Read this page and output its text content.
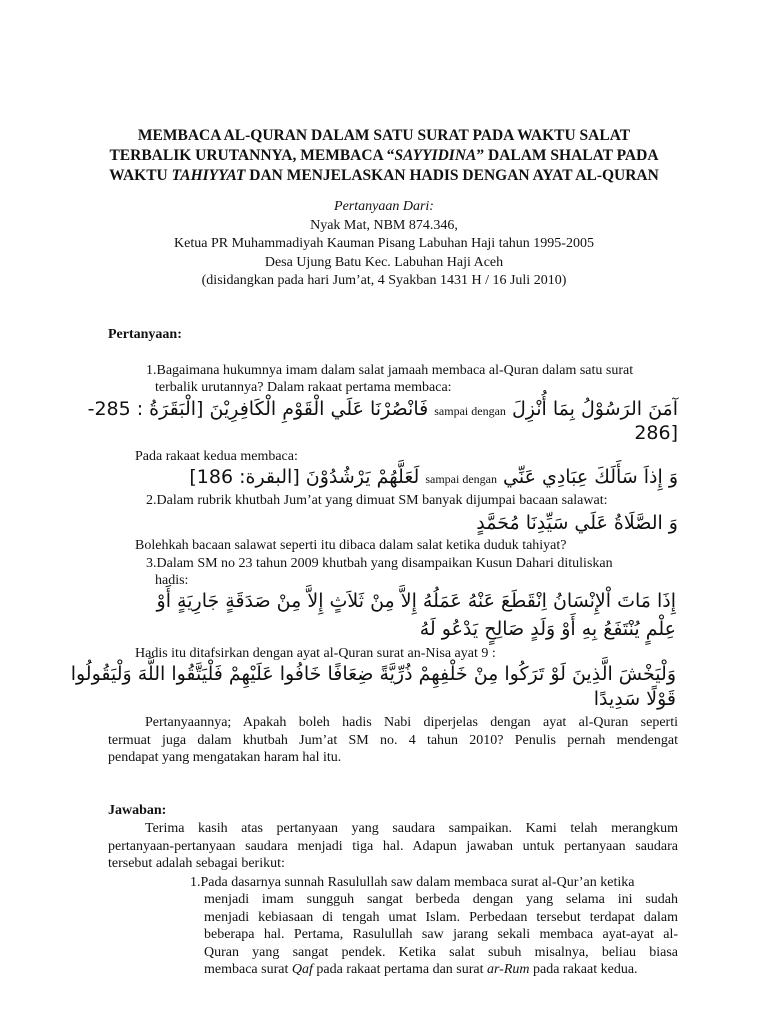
MEMBACA AL-QURAN DALAM SATU SURAT PADA WAKTU SALAT
TERBALIK URUTANNYA, MEMBACA “SAYYIDINA” DALAM SHALAT PADA
WAKTU TAHIYYAT DAN MENJELASKAN HADIS DENGAN AYAT AL-QURAN
Pertanyaan Dari:
Nyak Mat, NBM 874.346,
Ketua PR Muhammadiyah Kauman Pisang Labuhan Haji tahun 1995-2005
Desa Ujung Batu Kec. Labuhan Haji Aceh
(disidangkan pada hari Jum’at, 4 Syakban 1431 H / 16 Juli 2010)
Pertanyaan:
1.Bagaimana hukumnya imam dalam salat jamaah membaca al-Quran dalam satu surat
terbalik urutannya? Dalam rakaat pertama membaca:
آمَنَ الرَسُوْلُ بِمَا أُنْزِلَ sampai dengan فَانْصُرْنَا عَلَي الْقَوْمِ الْكَافِرِيْنَ [الْبَقَرَةُ : 285-
[286
Pada rakaat kedua membaca:
وَ إِذاَ سَأَلَكَ عِبَادِي عَنِّي sampai dengan لَعَلَّهُمْ يَرْشُدُوْنَ [البقرة: 186]
2.Dalam rubrik khutbah Jum’at yang dimuat SM banyak dijumpai bacaan salawat:
وَ الصَّلَاةُ عَلَي سَيِّدِنَا مُحَمَّدٍ
Bolehkah bacaan salawat seperti itu dibaca dalam salat ketika duduk tahiyat?
3.Dalam SM no 23 tahun 2009 khutbah yang disampaikan Kusun Dahari dituliskan
hadis:
إِذَا مَاتَ اْلإِنْسَانُ اِنْقَطَعَ عَنْهُ عَمَلُهُ إِلاَّ مِنْ ثَلاَثٍ إِلاَّ مِنْ صَدَقَةٍ جَارِيَةٍ أَوْ
عِلْمٍ يُنْتَفَعُ بِهِ أَوْ وَلَدٍ صَالِحٍ يَدْعُو لَهُ
Hadis itu ditafsirkan dengan ayat al-Quran surat an-Nisa ayat 9 :
وَلْيَخْشَ الَّذِينَ لَوْ تَرَكُوا مِنْ خَلْفِهِمْ ذُرِّيَّةً ضِعَافًا خَافُوا عَلَيْهِمْ فَلْيَتَّقُوا اللَّهَ وَلْيَقُولُوا
قَوْلًا سَدِيدًا
Pertanyaannya; Apakah boleh hadis Nabi diperjelas dengan ayat al-Quran seperti
termuat juga dalam khutbah Jum’at SM no. 4 tahun 2010? Penulis pernah mendengat
pendapat yang mengatakan haram hal itu.
Jawaban:
Terima kasih atas pertanyaan yang saudara sampaikan. Kami telah merangkum
pertanyaan-pertanyaan saudara menjadi tiga hal. Adapun jawaban untuk pertanyaan saudara
tersebut adalah sebagai berikut:
1.Pada dasarnya sunnah Rasulullah saw dalam membaca surat al-Qur’an ketika
menjadi imam sungguh sangat berbeda dengan yang selama ini sudah
menjadi kebiasaan di tengah umat Islam. Perbedaan tersebut terdapat dalam
beberapa hal. Pertama, Rasulullah saw jarang sekali membaca ayat-ayat al-
Quran yang sangat pendek. Ketika salat subuh misalnya, beliau biasa
membaca surat Qaf pada rakaat pertama dan surat ar-Rum pada rakaat kedua.
